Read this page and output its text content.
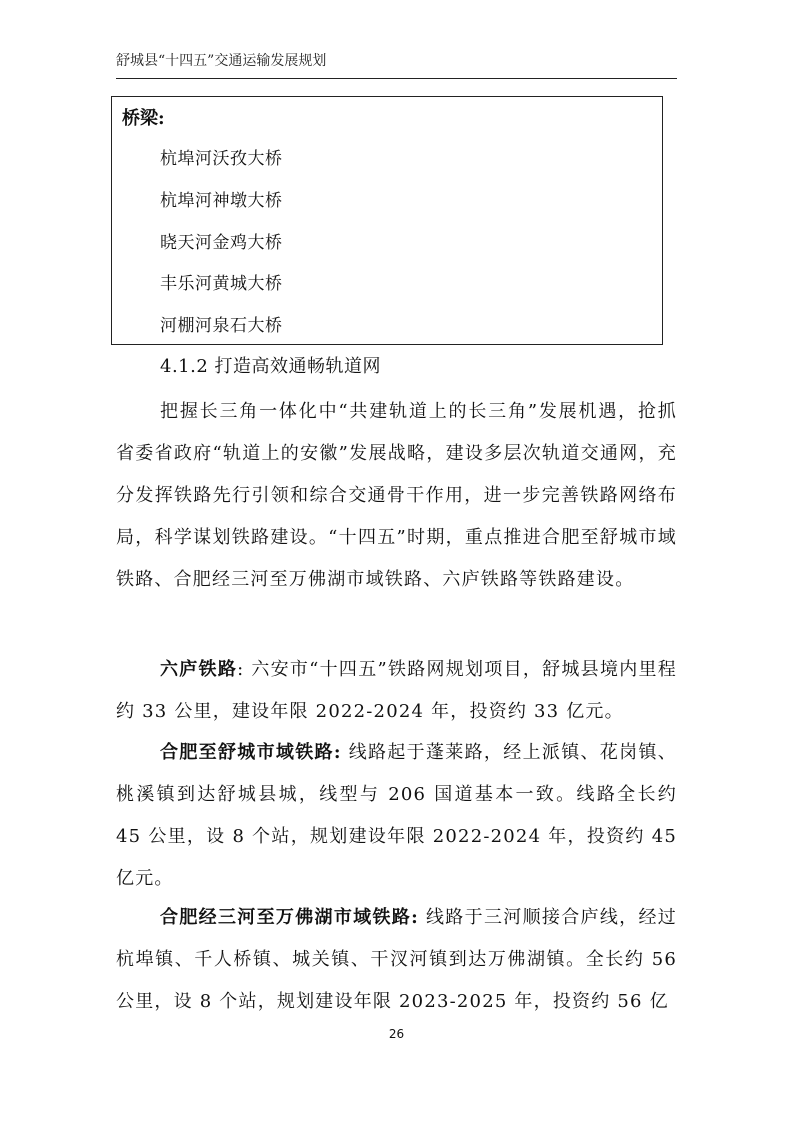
舒城县“十四五”交通运输发展规划
桥梁:
杭埠河沃孜大桥
杭埠河神墩大桥
晓天河金鸡大桥
丰乐河黄城大桥
河棚河泉石大桥
4.1.2 打造高效通畅轨道网

把握长三角一体化中“共建轨道上的长三角”发展机遇，抢抓省委省政府“轨道上的安徽”发展战略，建设多层次轨道交通网，充分发挥铁路先行引领和综合交通骨干作用，进一步完善铁路网络布局，科学谋划铁路建设。“十四五”时期，重点推进合肥至舒城市域铁路、合肥经三河至万佛湖市域铁路、六庐铁路等铁路建设。

六庐铁路: 六安市“十四五”铁路网规划项目，舒城县境内里程约 33 公里，建设年限 2022-2024 年，投资约 33 亿元。

合肥至舒城市域铁路: 线路起于蓬莱路，经上派镇、花岗镇、桃溪镇到达舒城县城，线型与 206 国道基本一致。线路全长约 45 公里，设 8 个站，规划建设年限 2022-2024 年，投资约 45 亿元。

合肥经三河至万佛湖市域铁路: 线路于三河顺接合庐线，经过杭埠镇、千人桥镇、城关镇、干汊河镇到达万佛湖镇。全长约 56 公里，设 8 个站，规划建设年限 2023-2025 年，投资约 56 亿

26
